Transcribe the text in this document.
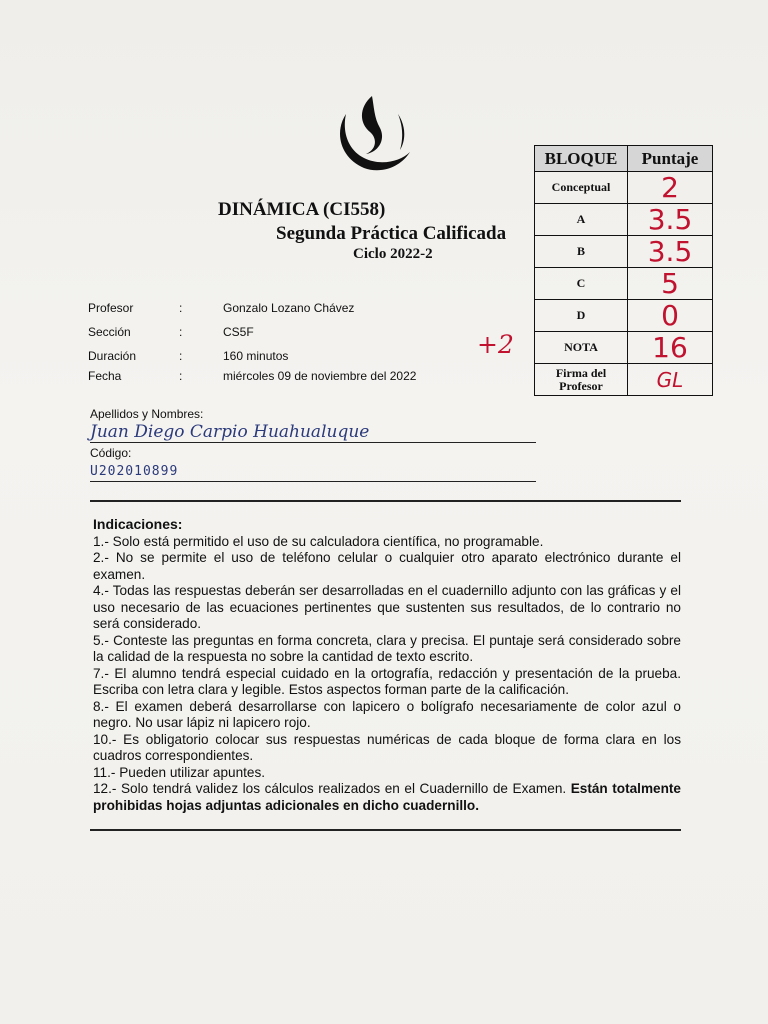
DINÁMICA (CI558)
Segunda Práctica Calificada
Ciclo 2022-2
Profesor	:	Gonzalo Lozano Chávez
Sección	:	CS5F
Duración	:	160 minutos
Fecha	:	miércoles 09 de noviembre del 2022
+2
BLOQUE	Puntaje
Conceptual	2
A	3.5
B	3.5
C	5
D	0
NOTA	16
Firma del
Profesor	GL
Apellidos y Nombres:
Juan Diego Carpio Huahualuque
Código:
U202010899
Indicaciones:

1.- Solo está permitido el uso de su calculadora científica, no programable.

2.- No se permite el uso de teléfono celular o cualquier otro aparato electrónico durante el examen.

4.- Todas las respuestas deberán ser desarrolladas en el cuadernillo adjunto con las gráficas y el uso necesario de las ecuaciones pertinentes que sustenten sus resultados, de lo contrario no será considerado.

5.- Conteste las preguntas en forma concreta, clara y precisa. El puntaje será considerado sobre la calidad de la respuesta no sobre la cantidad de texto escrito.

7.- El alumno tendrá especial cuidado en la ortografía, redacción y presentación de la prueba. Escriba con letra clara y legible. Estos aspectos forman parte de la calificación.

8.- El examen deberá desarrollarse con lapicero o bolígrafo necesariamente de color azul o negro. No usar lápiz ni lapicero rojo.

10.- Es obligatorio colocar sus respuestas numéricas de cada bloque de forma clara en los cuadros correspondientes.

11.- Pueden utilizar apuntes.

12.- Solo tendrá validez los cálculos realizados en el Cuadernillo de Examen. Están totalmente prohibidas hojas adjuntas adicionales en dicho cuadernillo.
